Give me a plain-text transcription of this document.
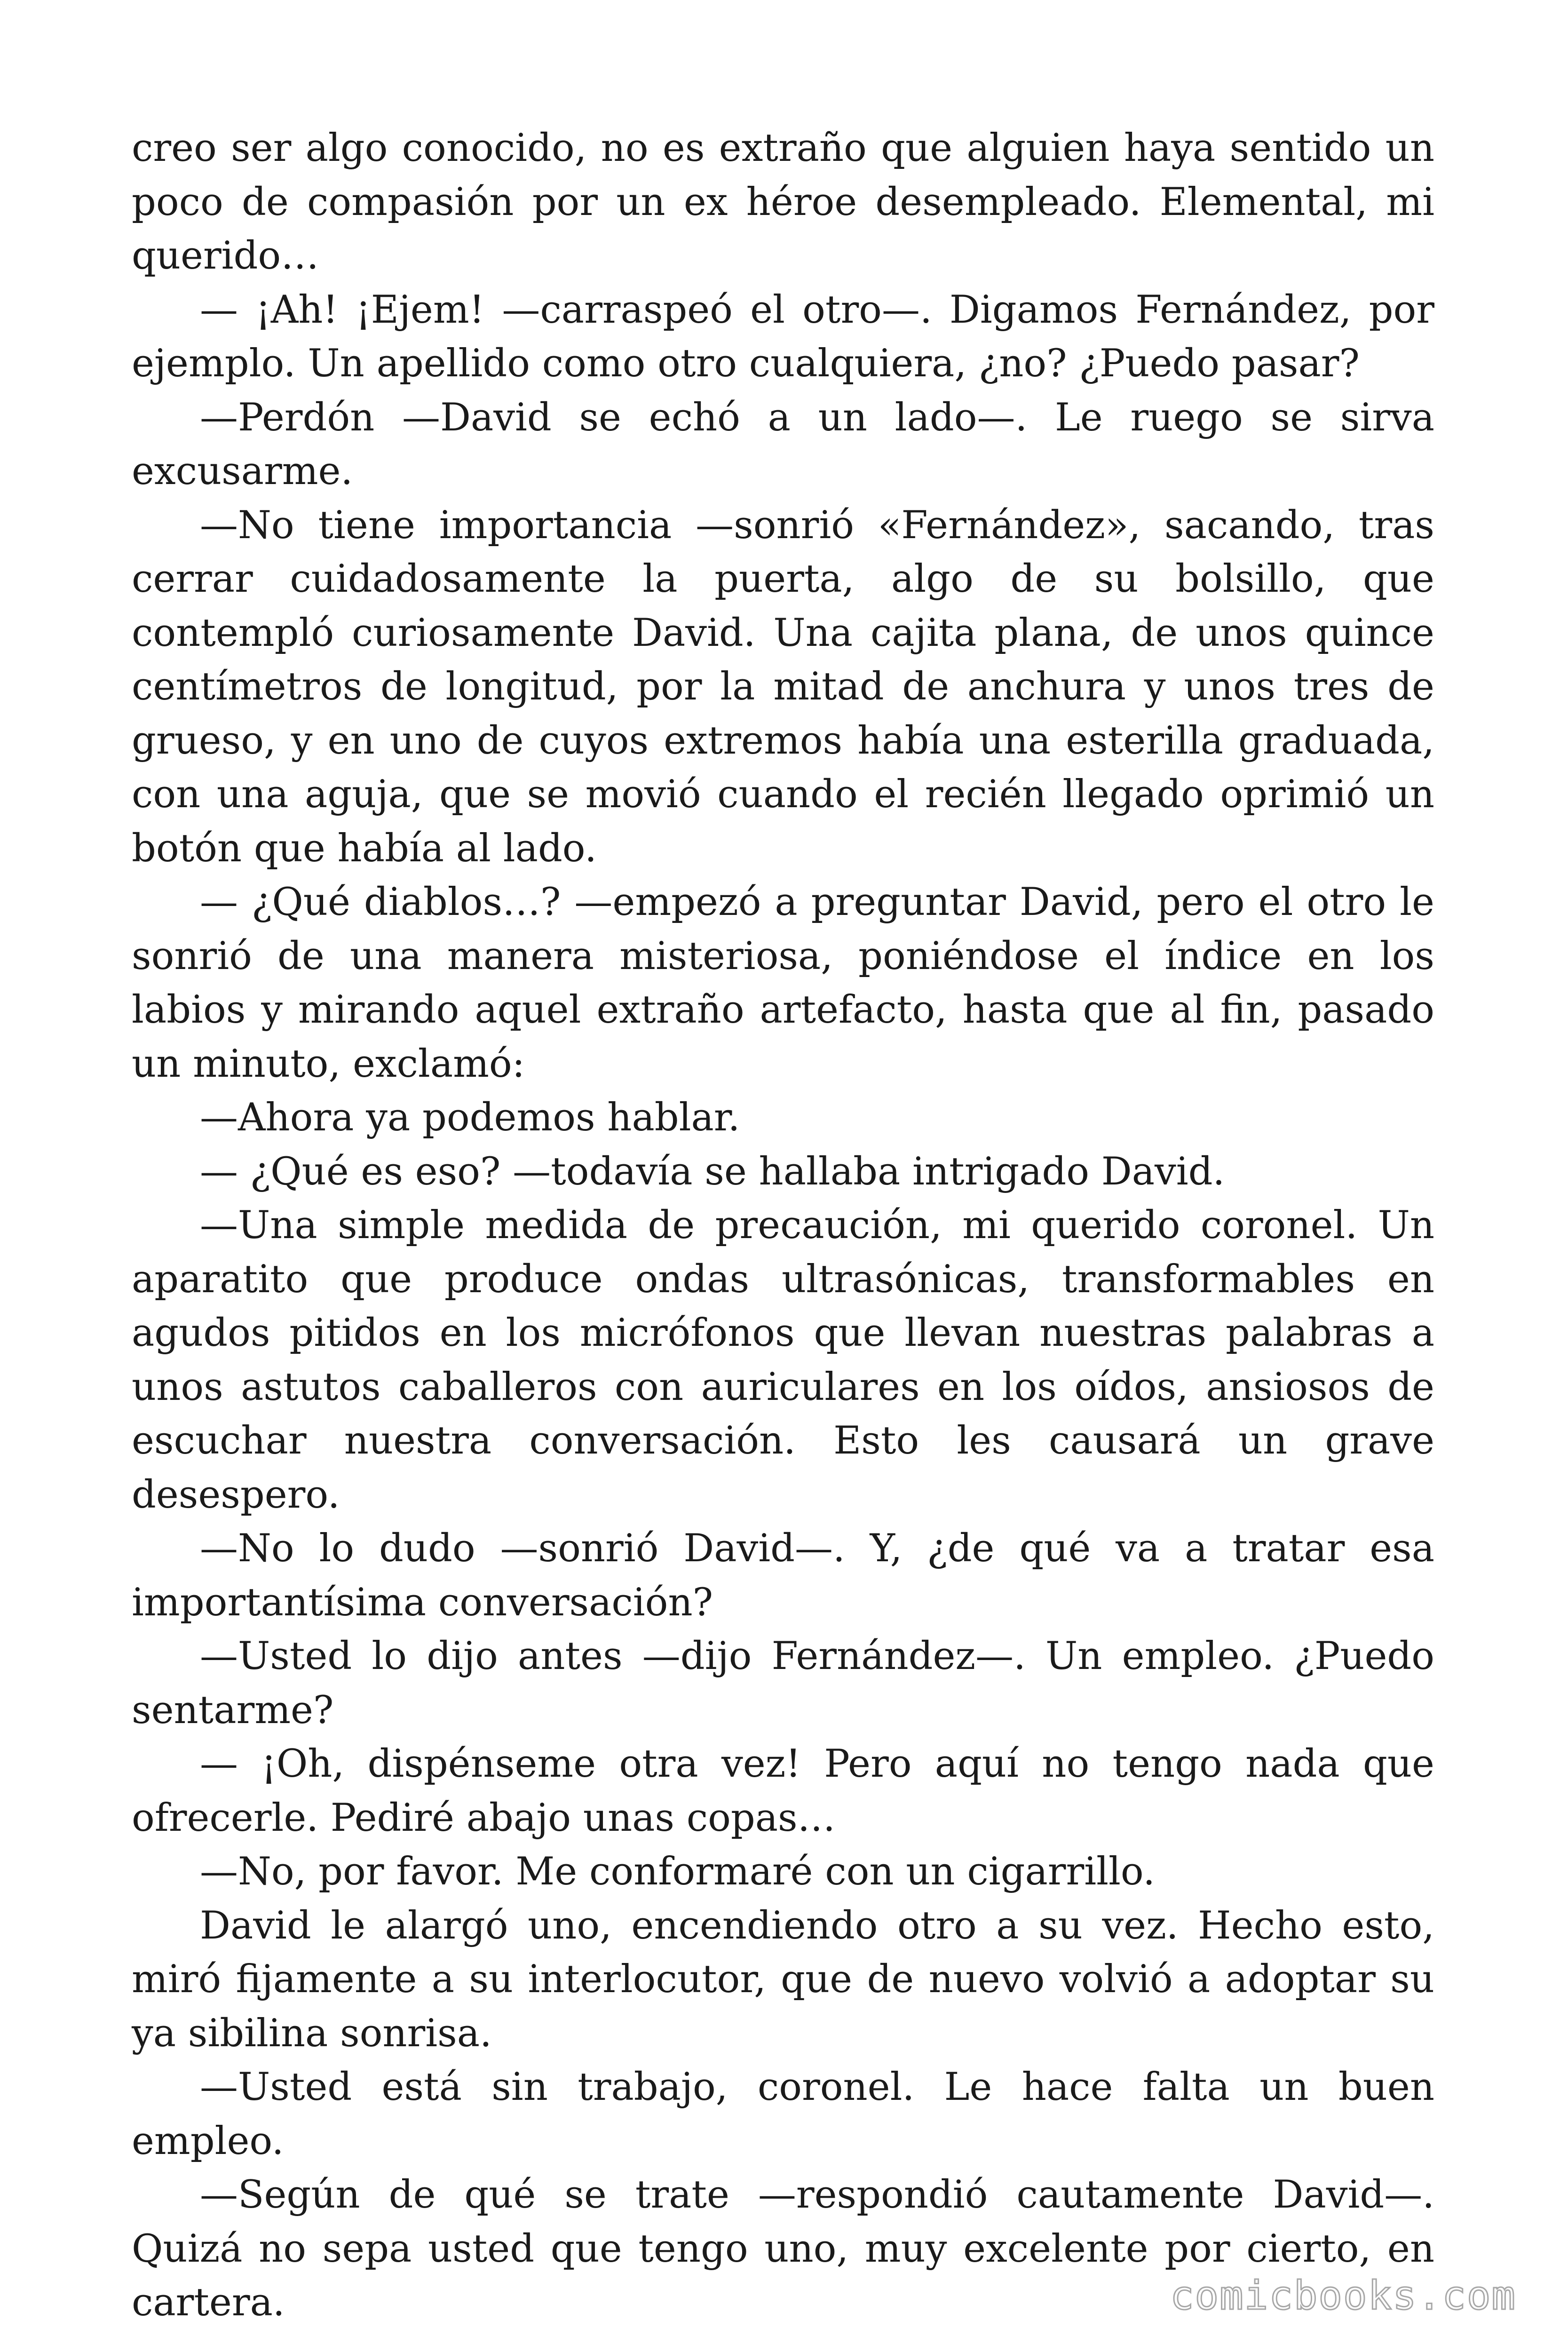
creo ser algo conocido, no es extraño que alguien haya sentido un poco de compasión por un ex héroe desempleado. Elemental, mi querido…

— ¡Ah! ¡Ejem! —carraspeó el otro—. Digamos Fernández, por ejemplo. Un apellido como otro cualquiera, ¿no? ¿Puedo pasar?

—Perdón —David se echó a un lado—. Le ruego se sirva excusarme.

—No tiene importancia —sonrió «Fernández», sacando, tras cerrar cuidadosamente la puerta, algo de su bolsillo, que contempló curiosamente David. Una cajita plana, de unos quince centímetros de longitud, por la mitad de anchura y unos tres de grueso, y en uno de cuyos extremos había una esterilla graduada, con una aguja, que se movió cuando el recién llegado oprimió un botón que había al lado.

— ¿Qué diablos…? —empezó a preguntar David, pero el otro le sonrió de una manera misteriosa, poniéndose el índice en los labios y mirando aquel extraño artefacto, hasta que al fin, pasado un minuto, exclamó:

—Ahora ya podemos hablar.

— ¿Qué es eso? —todavía se hallaba intrigado David.

—Una simple medida de precaución, mi querido coronel. Un aparatito que produce ondas ultrasónicas, transformables en agudos pitidos en los micrófonos que llevan nuestras palabras a unos astutos caballeros con auriculares en los oídos, ansiosos de escuchar nuestra conversación. Esto les causará un grave desespero.

—No lo dudo —sonrió David—. Y, ¿de qué va a tratar esa importantísima conversación?

—Usted lo dijo antes —dijo Fernández—. Un empleo. ¿Puedo sentarme?

— ¡Oh, dispénseme otra vez! Pero aquí no tengo nada que ofrecerle. Pediré abajo unas copas…

—No, por favor. Me conformaré con un cigarrillo.

David le alargó uno, encendiendo otro a su vez. Hecho esto, miró fijamente a su interlocutor, que de nuevo volvió a adoptar su ya sibilina sonrisa.

—Usted está sin trabajo, coronel. Le hace falta un buen empleo.

—Según de qué se trate —respondió cautamente David—. Quizá no sepa usted que tengo uno, muy excelente por cierto, en cartera.	comicbooks.com
